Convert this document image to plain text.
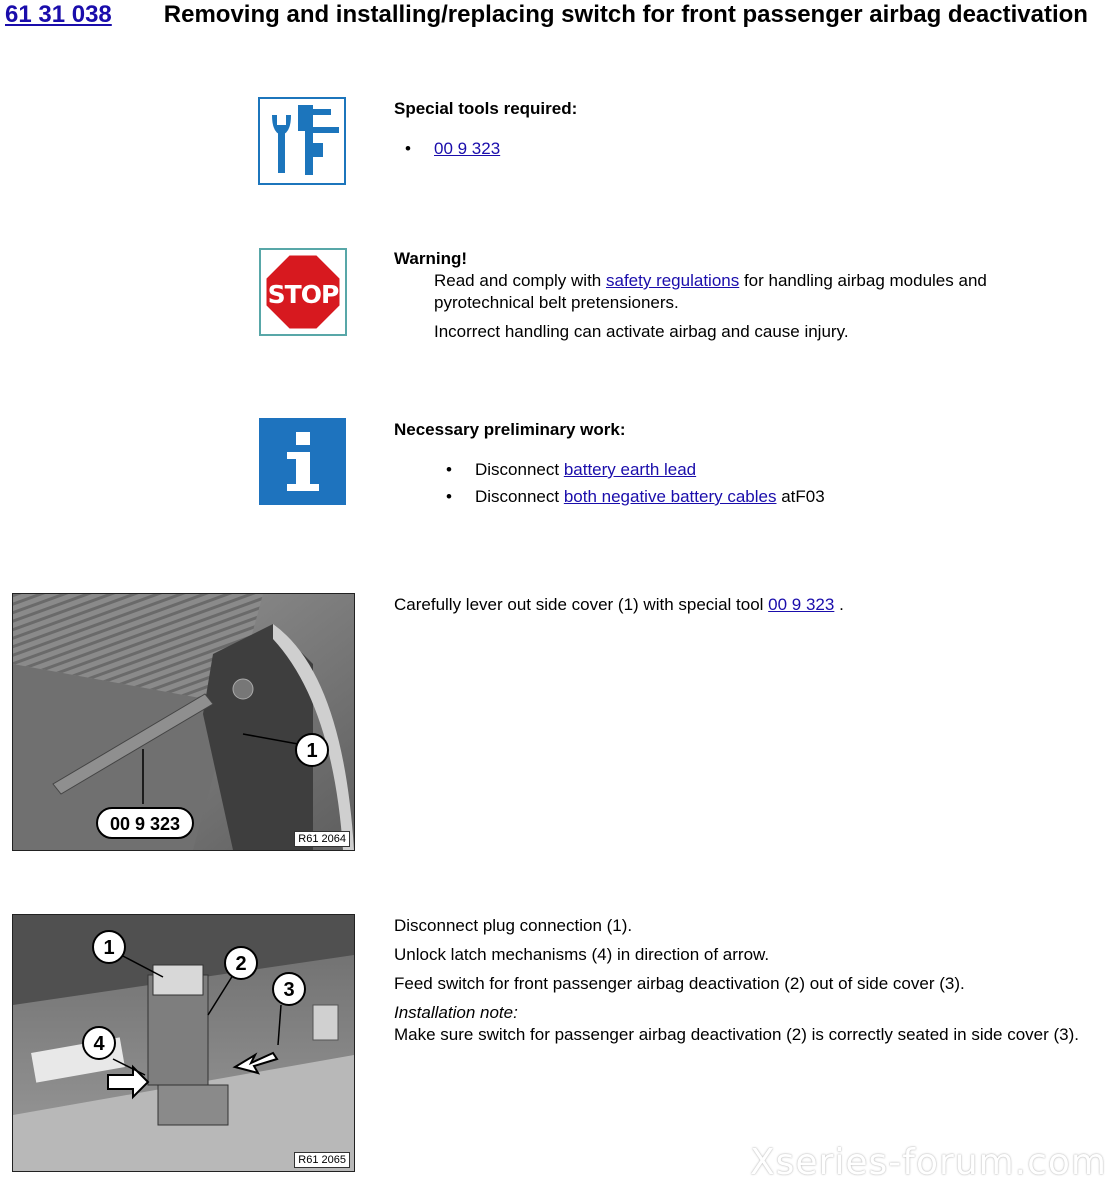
61 31 038 Removing and installing/replacing switch for front passenger airbag deactivation
Special tools required:
• 00 9 323
STOP
Warning!
Read and comply with safety regulations for handling airbag modules and pyrotechnical belt pretensioners.
Incorrect handling can activate airbag and cause injury.
Necessary preliminary work:
• Disconnect battery earth lead
• Disconnect both negative battery cables atF03
1
00 9 323
R61 2064
Carefully lever out side cover (1) with special tool 00 9 323 .
1
2
3
4
R61 2065

Disconnect plug connection (1).

Unlock latch mechanisms (4) in direction of arrow.

Feed switch for front passenger airbag deactivation (2) out of side cover (3).

Installation note:
Make sure switch for passenger airbag deactivation (2) is correctly seated in side cover (3).
Xseries-forum.com
